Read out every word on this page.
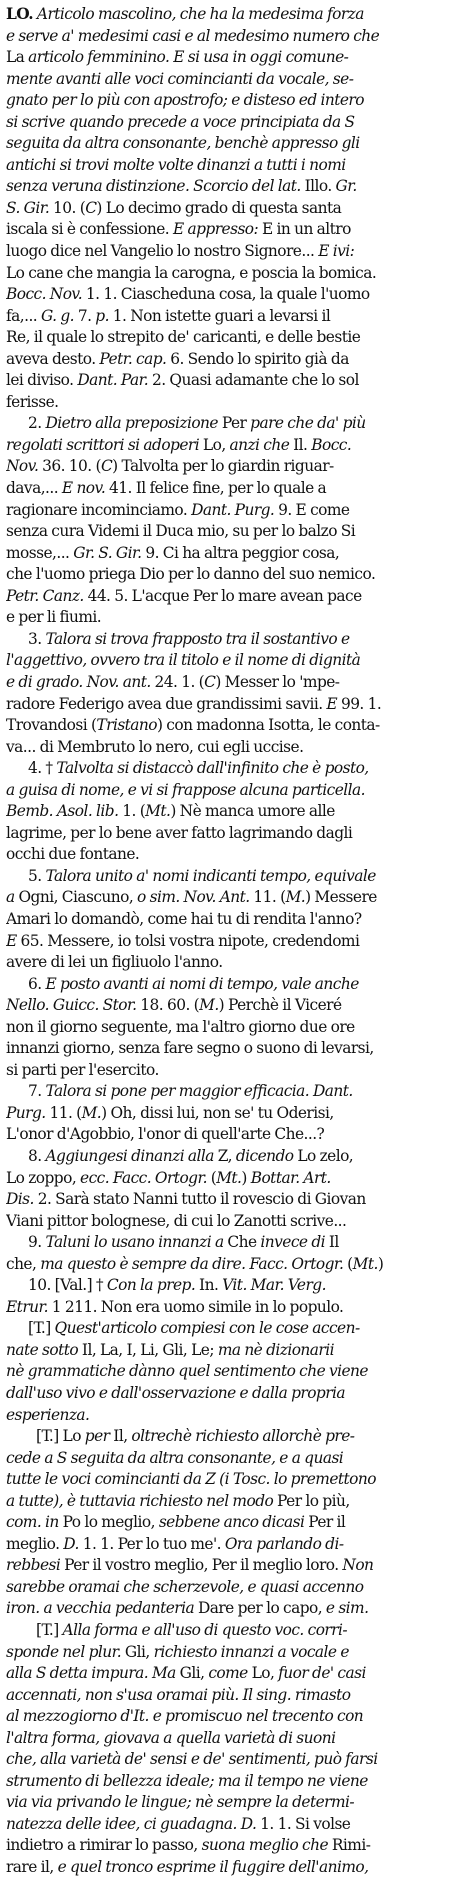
LO. Articolo mascolino, che ha la medesima forza
e serve a' medesimi casi e al medesimo numero che
La articolo femminino. E si usa in oggi comune-
mente avanti alle voci comincianti da vocale, se-
gnato per lo più con apostrofo; e disteso ed intero
si scrive quando precede a voce principiata da S
seguita da altra consonante, benchè appresso gli
antichi si trovi molte volte dinanzi a tutti i nomi
senza veruna distinzione. Scorcio del lat. Illo. Gr.
S. Gir. 10. (C) Lo decimo grado di questa santa
iscala si è confessione. E appresso: E in un altro
luogo dice nel Vangelio lo nostro Signore... E ivi:
Lo cane che mangia la carogna, e poscia la bomica.
Bocc. Nov. 1. 1. Ciascheduna cosa, la quale l'uomo
fa,... G. g. 7. p. 1. Non istette guari a levarsi il
Re, il quale lo strepito de' caricanti, e delle bestie
aveva desto. Petr. cap. 6. Sendo lo spirito già da
lei diviso. Dant. Par. 2. Quasi adamante che lo sol
ferisse.
2. Dietro alla preposizione Per pare che da' più
regolati scrittori si adoperi Lo, anzi che Il. Bocc.
Nov. 36. 10. (C) Talvolta per lo giardin riguar-
dava,... E nov. 41. Il felice fine, per lo quale a
ragionare incominciamo. Dant. Purg. 9. E come
senza cura Videmi il Duca mio, su per lo balzo Si
mosse,... Gr. S. Gir. 9. Ci ha altra peggior cosa,
che l'uomo priega Dio per lo danno del suo nemico.
Petr. Canz. 44. 5. L'acque Per lo mare avean pace
e per li fiumi.
3. Talora si trova frapposto tra il sostantivo e
l'aggettivo, ovvero tra il titolo e il nome di dignità
e di grado. Nov. ant. 24. 1. (C) Messer lo 'mpe-
radore Federigo avea due grandissimi savii. E 99. 1.
Trovandosi (Tristano) con madonna Isotta, le conta-
va... di Membruto lo nero, cui egli uccise.
4. † Talvolta si distaccò dall'infinito che è posto,
a guisa di nome, e vi si frappose alcuna particella.
Bemb. Asol. lib. 1. (Mt.) Nè manca umore alle
lagrime, per lo bene aver fatto lagrimando dagli
occhi due fontane.
5. Talora unito a' nomi indicanti tempo, equivale
a Ogni, Ciascuno, o sim. Nov. Ant. 11. (M.) Messere
Amari lo domandò, come hai tu di rendita l'anno?
E 65. Messere, io tolsi vostra nipote, credendomi
avere di lei un figliuolo l'anno.
6. E posto avanti ai nomi di tempo, vale anche
Nello. Guicc. Stor. 18. 60. (M.) Perchè il Viceré
non il giorno seguente, ma l'altro giorno due ore
innanzi giorno, senza fare segno o suono di levarsi,
si parti per l'esercito.
7. Talora si pone per maggior efficacia. Dant.
Purg. 11. (M.) Oh, dissi lui, non se' tu Oderisi,
L'onor d'Agobbio, l'onor di quell'arte Che...?
8. Aggiungesi dinanzi alla Z, dicendo Lo zelo,
Lo zoppo, ecc. Facc. Ortogr. (Mt.) Bottar. Art.
Dis. 2. Sarà stato Nanni tutto il rovescio di Giovan
Viani pittor bolognese, di cui lo Zanotti scrive...
9. Taluni lo usano innanzi a Che invece di Il
che, ma questo è sempre da dire. Facc. Ortogr. (Mt.)
10. [Val.] † Con la prep. In. Vit. Mar. Verg.
Etrur. 1 211. Non era uomo simile in lo populo.
[T.] Quest'articolo compiesi con le cose accen-
nate sotto Il, La, I, Li, Gli, Le; ma nè dizionarii
nè grammatiche dànno quel sentimento che viene
dall'uso vivo e dall'osservazione e dalla propria
esperienza.
[T.] Lo per Il, oltrechè richiesto allorchè pre-
cede a S seguita da altra consonante, e a quasi
tutte le voci comincianti da Z (i Tosc. lo premettono
a tutte), è tuttavia richiesto nel modo Per lo più,
com. in Po lo meglio, sebbene anco dicasi Per il
meglio. D. 1. 1. Per lo tuo me'. Ora parlando di-
rebbesi Per il vostro meglio, Per il meglio loro. Non
sarebbe oramai che scherzevole, e quasi accenno
iron. a vecchia pedanteria Dare per lo capo, e sim.
[T.] Alla forma e all'uso di questo voc. corri-
sponde nel plur. Gli, richiesto innanzi a vocale e
alla S detta impura. Ma Gli, come Lo, fuor de' casi
accennati, non s'usa oramai più. Il sing. rimasto
al mezzogiorno d'It. e promiscuo nel trecento con
l'altra forma, giovava a quella varietà di suoni
che, alla varietà de' sensi e de' sentimenti, può farsi
strumento di bellezza ideale; ma il tempo ne viene
via via privando le lingue; nè sempre la determi-
natezza delle idee, ci guadagna. D. 1. 1. Si volse
indietro a rimirar lo passo, suona meglio che Rimi-
rare il, e quel tronco esprime il fuggire dell'animo,
